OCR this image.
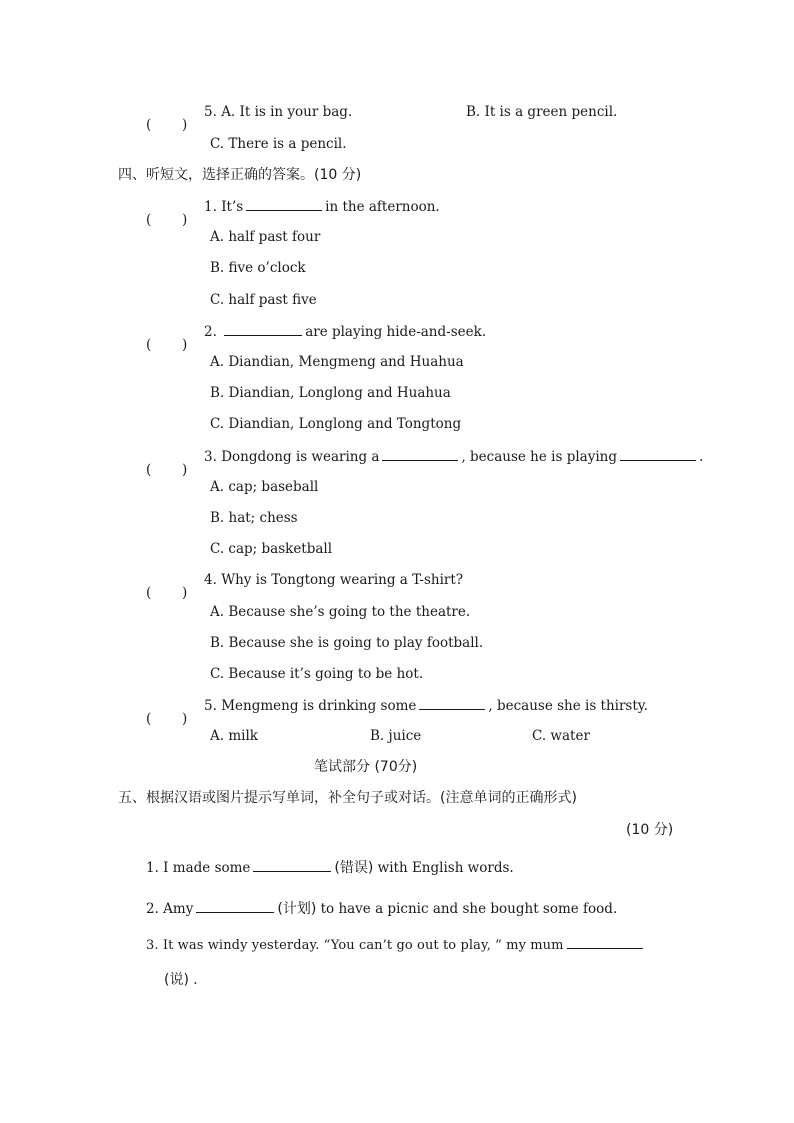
( )
5. A. It is in your bag.	B. It is a green pencil.
C. There is a pencil.
四、听短文，选择正确的答案。(10 分)
( )
1. It’s	in the afternoon.
A. half past four
B. five o’clock
C. half past five
( )
2.	are playing hide-and-seek.
A. Diandian, Mengmeng and Huahua
B. Diandian, Longlong and Huahua
C. Diandian, Longlong and Tongtong
( )
3. Dongdong is wearing a	, because he is playing	.
A. cap; baseball
B. hat; chess
C. cap; basketball
( )
4. Why is Tongtong wearing a T-shirt?
A. Because she’s going to the theatre.
B. Because she is going to play football.
C. Because it’s going to be hot.
( )
5. Mengmeng is drinking some	, because she is thirsty.
A. milk	B. juice	C. water
笔试部分 (70分)
五、根据汉语或图片提示写单词，补全句子或对话。(注意单词的正确形式)
(10 分)
1. I made some	(错误) with English words.
2. Amy	(计划) to have a picnic and she bought some food.
3. It was windy yesterday. “You can’t go out to play, ” my mum
(说) .
